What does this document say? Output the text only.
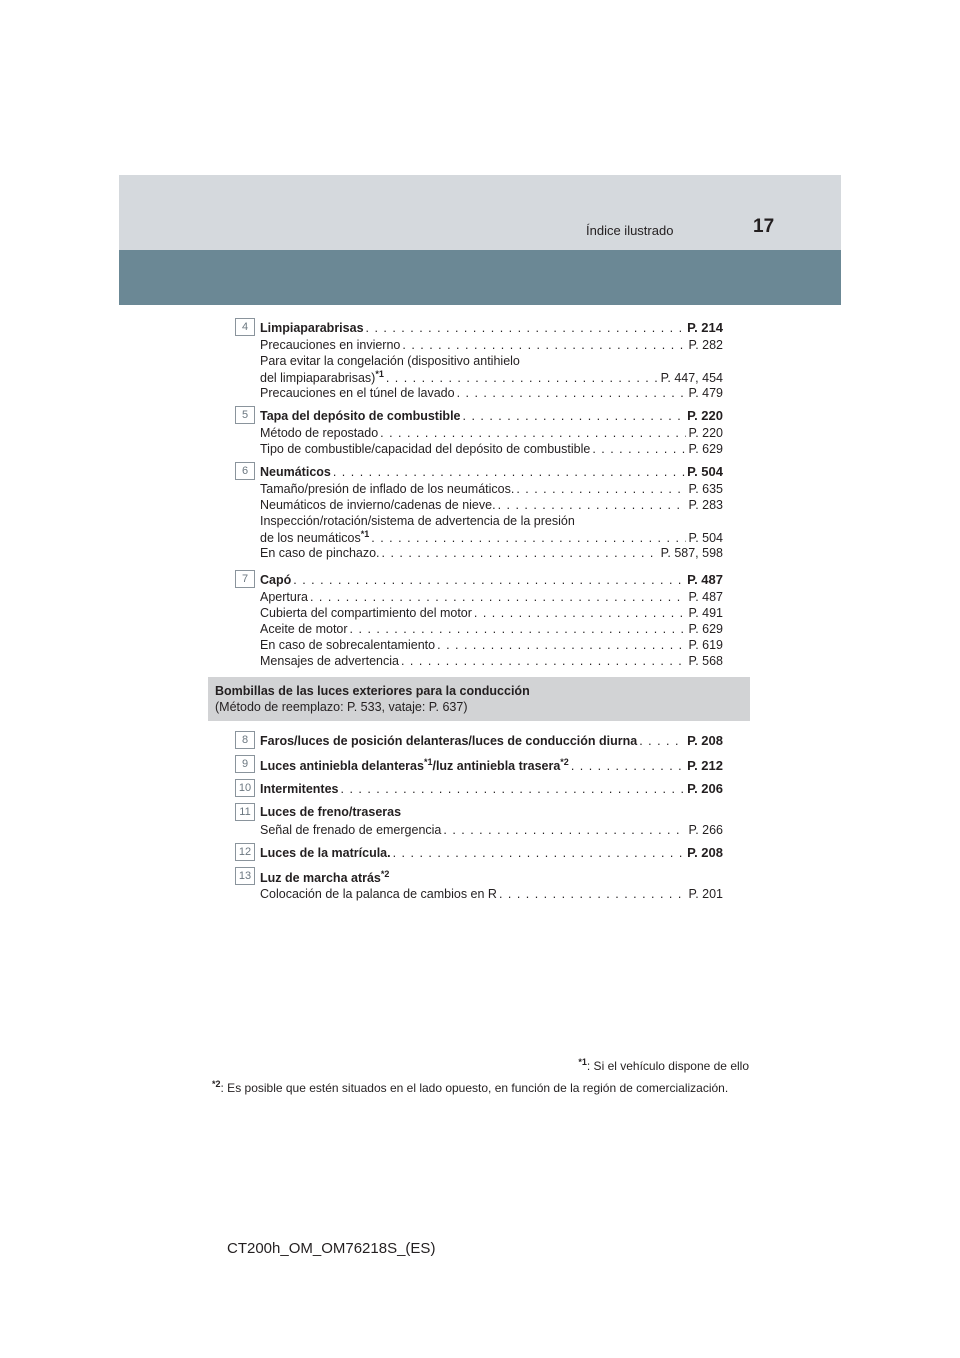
Índice ilustrado	17
4 Limpiaparabrisas . . .	P. 214
Precauciones en invierno . . .	P. 282
Para evitar la congelación (dispositivo antihielo
del limpiaparabrisas)$^{*1}$ . . .	P. 447, 454
Precauciones en el túnel de lavado . . .	P. 479
5 Tapa del depósito de combustible . . .	P. 220
Método de repostado . . .	P. 220
Tipo de combustible/capacidad del depósito de combustible . . .	P. 629
6 Neumáticos . . .	P. 504
Tamaño/presión de inflado de los neumáticos. . . .	P. 635
Neumáticos de invierno/cadenas de nieve. . . .	P. 283
Inspección/rotación/sistema de advertencia de la presión
de los neumáticos$^{*1}$ . . .	P. 504
En caso de pinchazo. . . .	P. 587, 598
7 Capó . . .	P. 487
Apertura . . .	P. 487
Cubierta del compartimiento del motor . . .	P. 491
Aceite de motor . . .	P. 629
En caso de sobrecalentamiento . . .	P. 619
Mensajes de advertencia . . .	P. 568
Bombillas de las luces exteriores para la conducción
(Método de reemplazo: P. 533, vataje: P. 637)
8 Faros/luces de posición delanteras/luces de conducción diurna . . .	P. 208
9 Luces antiniebla delanteras$^{*1}$/luz antiniebla trasera$^{*2}$ . . .	P. 212
10 Intermitentes . . .	P. 206
11 Luces de freno/traseras
Señal de frenado de emergencia . . .	P. 266
12 Luces de la matrícula. . . .	P. 208
13 Luz de marcha atrás$^{*2}$
Colocación de la palanca de cambios en R . . .	P. 201
$^{*1}$: Si el vehículo dispone de ello
$^{*2}$: Es posible que estén situados en el lado opuesto, en función de la región de comercialización.
CT200h_OM_OM76218S_(ES)
